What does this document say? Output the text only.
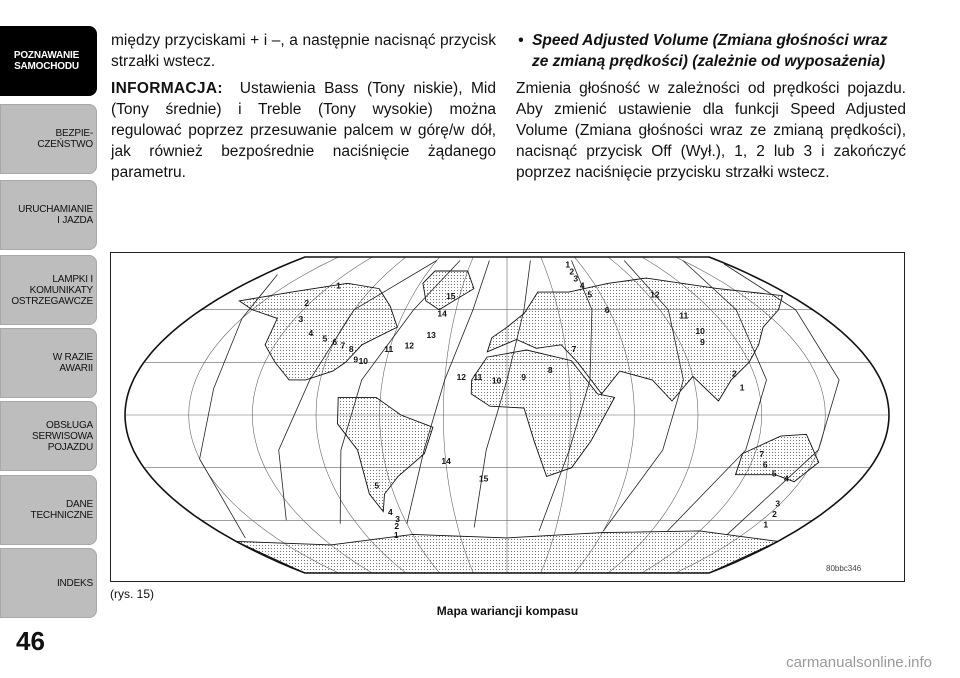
POZNAWANIE
SAMOCHODU
BEZPIE-
CZEŃSTWO
URUCHAMIANIE
I JAZDA
LAMPKI I
KOMUNIKATY
OSTRZEGAWCZE
W RAZIE
AWARII
OBSŁUGA
SERWISOWA
POJAZDU
DANE
TECHNICZNE
INDEKS
46

między przyciskami + i –, a następnie nacisnąć przycisk strzałki wstecz.

INFORMACJA: Ustawienia Bass (Tony niskie), Mid (Tony średnie) i Treble (Tony wysokie) można regulować poprzez przesuwanie palcem w górę/w dół, jak również bezpośrednie naciśnięcie żądanego parametru.

• Speed Adjusted Volume (Zmiana głośności wraz ze zmianą prędkości) (zależnie od wyposażenia)

Zmienia głośność w zależności od prędkości pojazdu. Aby zmienić ustawienie dla funkcji Speed Adjusted Volume (Zmiana głośności wraz ze zmianą prędkości), nacisnąć przycisk Off (Wył.), 1, 2 lub 3 i zakończyć poprzez naciśnięcie przycisku strzałki wstecz.

1
2
3
4
5 6 7 8
9 10
11 12
13
14
15
12 11 10 9
8
7
1
2
3
4
5
6
12
11
10
9
2
1
14
15
5
4
3
2
1
7
6
5
4
3
2
1
80bbc346
(rys. 15)
Mapa wariancji kompasu
carmanualsonline.info
